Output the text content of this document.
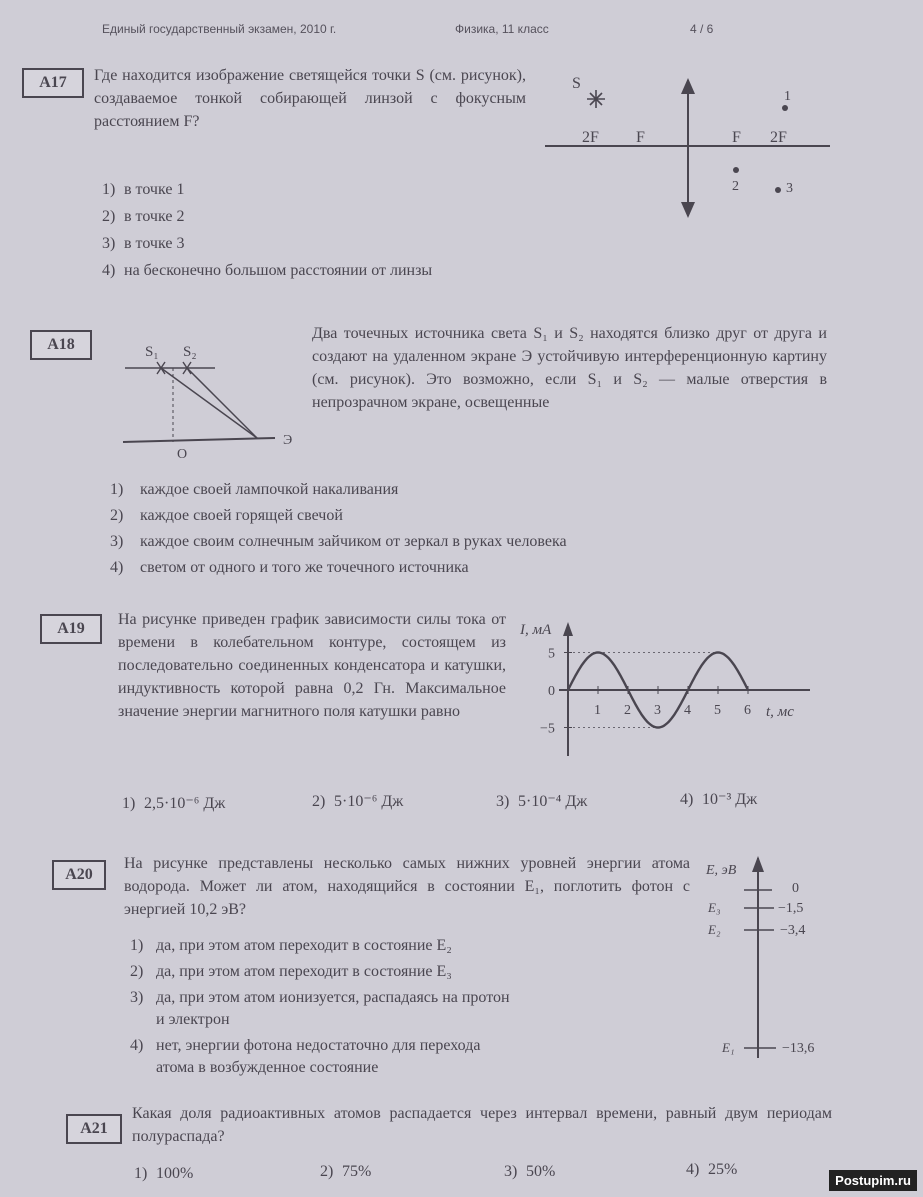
Единый государственный экзамен, 2010 г.	Физика, 11 класс	4 / 6
A17	Где находится изображение светящейся точки S (см. рисунок), создаваемое тонкой собирающей линзой с фокусным расстоянием F?
1) в точке 1
2) в точке 2
3) в точке 3
4) на бесконечно большом расстоянии от линзы
S
2F F	F 2F
1
2	3
A18
Два точечных источника света S₁ и S₂ находятся близко друг от друга и создают на удаленном экране Э устойчивую интерференционную картину (см. рисунок). Это возможно, если S₁ и S₂ — малые отверстия в непрозрачном экране, освещенные
S₁ S₂
O
Э
1) каждое своей лампочкой накаливания
2) каждое своей горящей свечой
3) каждое своим солнечным зайчиком от зеркал в руках человека
4) светом от одного и того же точечного источника
A19
На рисунке приведен график зависимости силы тока от времени в колебательном контуре, состоящем из последовательно соединенных конденсатора и катушки, индуктивность которой равна 0,2 Гн. Максимальное значение энергии магнитного поля катушки равно
I, мА
t, мс
1 2 3 4 5 6
5
0
−5
1) 2,5·10⁻⁶ Дж	2) 5·10⁻⁶ Дж	3) 5·10⁻⁴ Дж	4) 10⁻³ Дж
A20
На рисунке представлены несколько самых нижних уровней энергии атома водорода. Может ли атом, находящийся в состоянии E₁, поглотить фотон с энергией 10,2 эВ?
1) да, при этом атом переходит в состояние E₂
2) да, при этом атом переходит в состояние E₃
3) да, при этом атом ионизуется, распадаясь на протон
и электрон
4) нет, энергии фотона недостаточно для перехода
атома в возбужденное состояние
E, эВ
0
E₃	−1,5
E₂	−3,4
E₁	−13,6
A21
Какая доля радиоактивных атомов распадается через интервал времени, равный двум периодам полураспада?
1) 100%	2) 75%	3) 50%	4) 25%
Postupim.ru
